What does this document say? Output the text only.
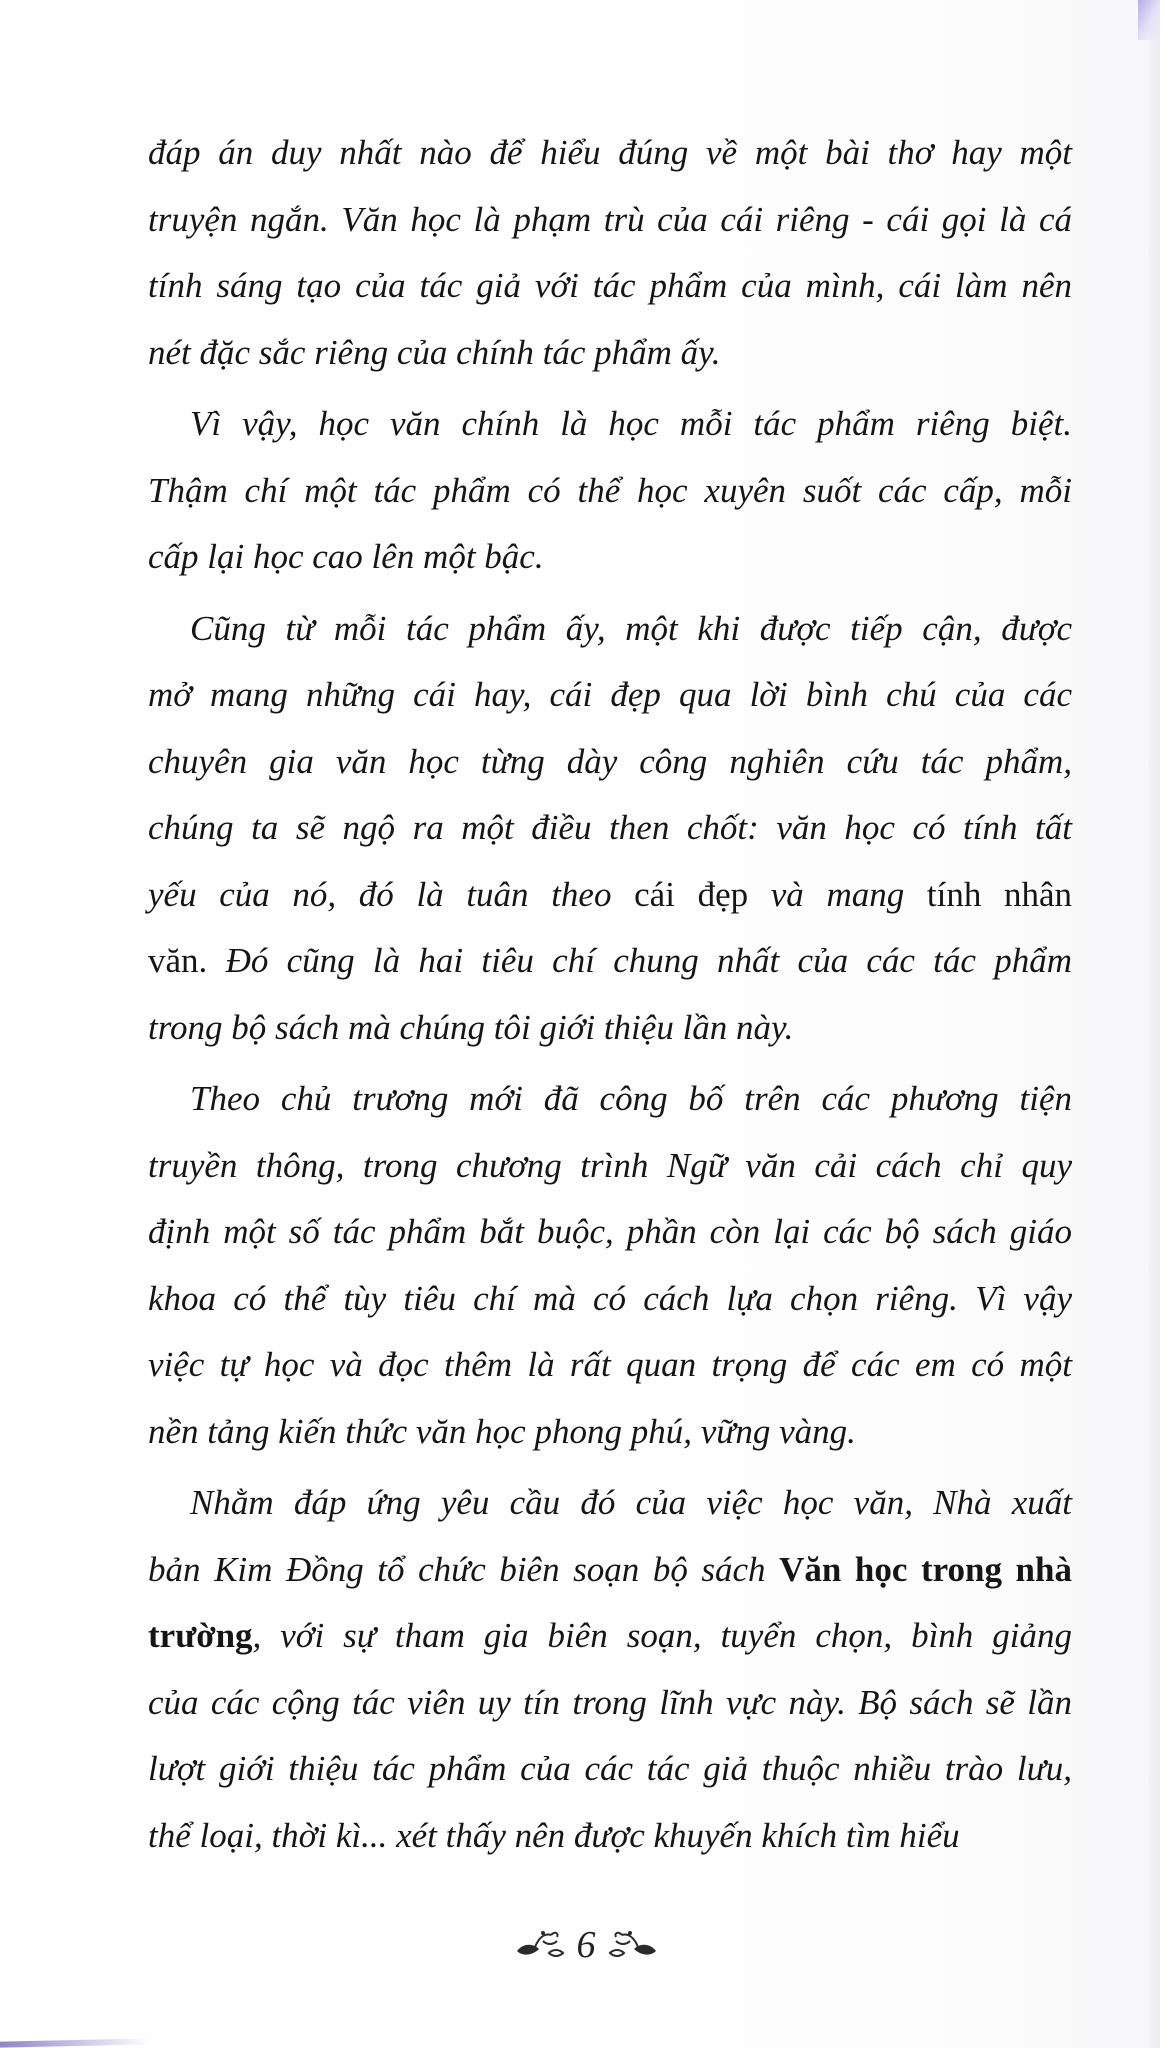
đáp án duy nhất nào để hiểu đúng về một bài thơ hay một
truyện ngắn. Văn học là phạm trù của cái riêng - cái gọi là cá
tính sáng tạo của tác giả với tác phẩm của mình, cái làm nên
nét đặc sắc riêng của chính tác phẩm ấy.

Vì vậy, học văn chính là học mỗi tác phẩm riêng biệt.
Thậm chí một tác phẩm có thể học xuyên suốt các cấp, mỗi
cấp lại học cao lên một bậc.

Cũng từ mỗi tác phẩm ấy, một khi được tiếp cận, được
mở mang những cái hay, cái đẹp qua lời bình chú của các
chuyên gia văn học từng dày công nghiên cứu tác phẩm,
chúng ta sẽ ngộ ra một điều then chốt: văn học có tính tất
yếu của nó, đó là tuân theo cái đẹp và mang tính nhân
văn. Đó cũng là hai tiêu chí chung nhất của các tác phẩm
trong bộ sách mà chúng tôi giới thiệu lần này.

Theo chủ trương mới đã công bố trên các phương tiện
truyền thông, trong chương trình Ngữ văn cải cách chỉ quy
định một số tác phẩm bắt buộc, phần còn lại các bộ sách giáo
khoa có thể tùy tiêu chí mà có cách lựa chọn riêng. Vì vậy
việc tự học và đọc thêm là rất quan trọng để các em có một
nền tảng kiến thức văn học phong phú, vững vàng.

Nhằm đáp ứng yêu cầu đó của việc học văn, Nhà xuất
bản Kim Đồng tổ chức biên soạn bộ sách Văn học trong nhà
trường, với sự tham gia biên soạn, tuyển chọn, bình giảng
của các cộng tác viên uy tín trong lĩnh vực này. Bộ sách sẽ lần
lượt giới thiệu tác phẩm của các tác giả thuộc nhiều trào lưu,
thể loại, thời kì... xét thấy nên được khuyến khích tìm hiểu

6
